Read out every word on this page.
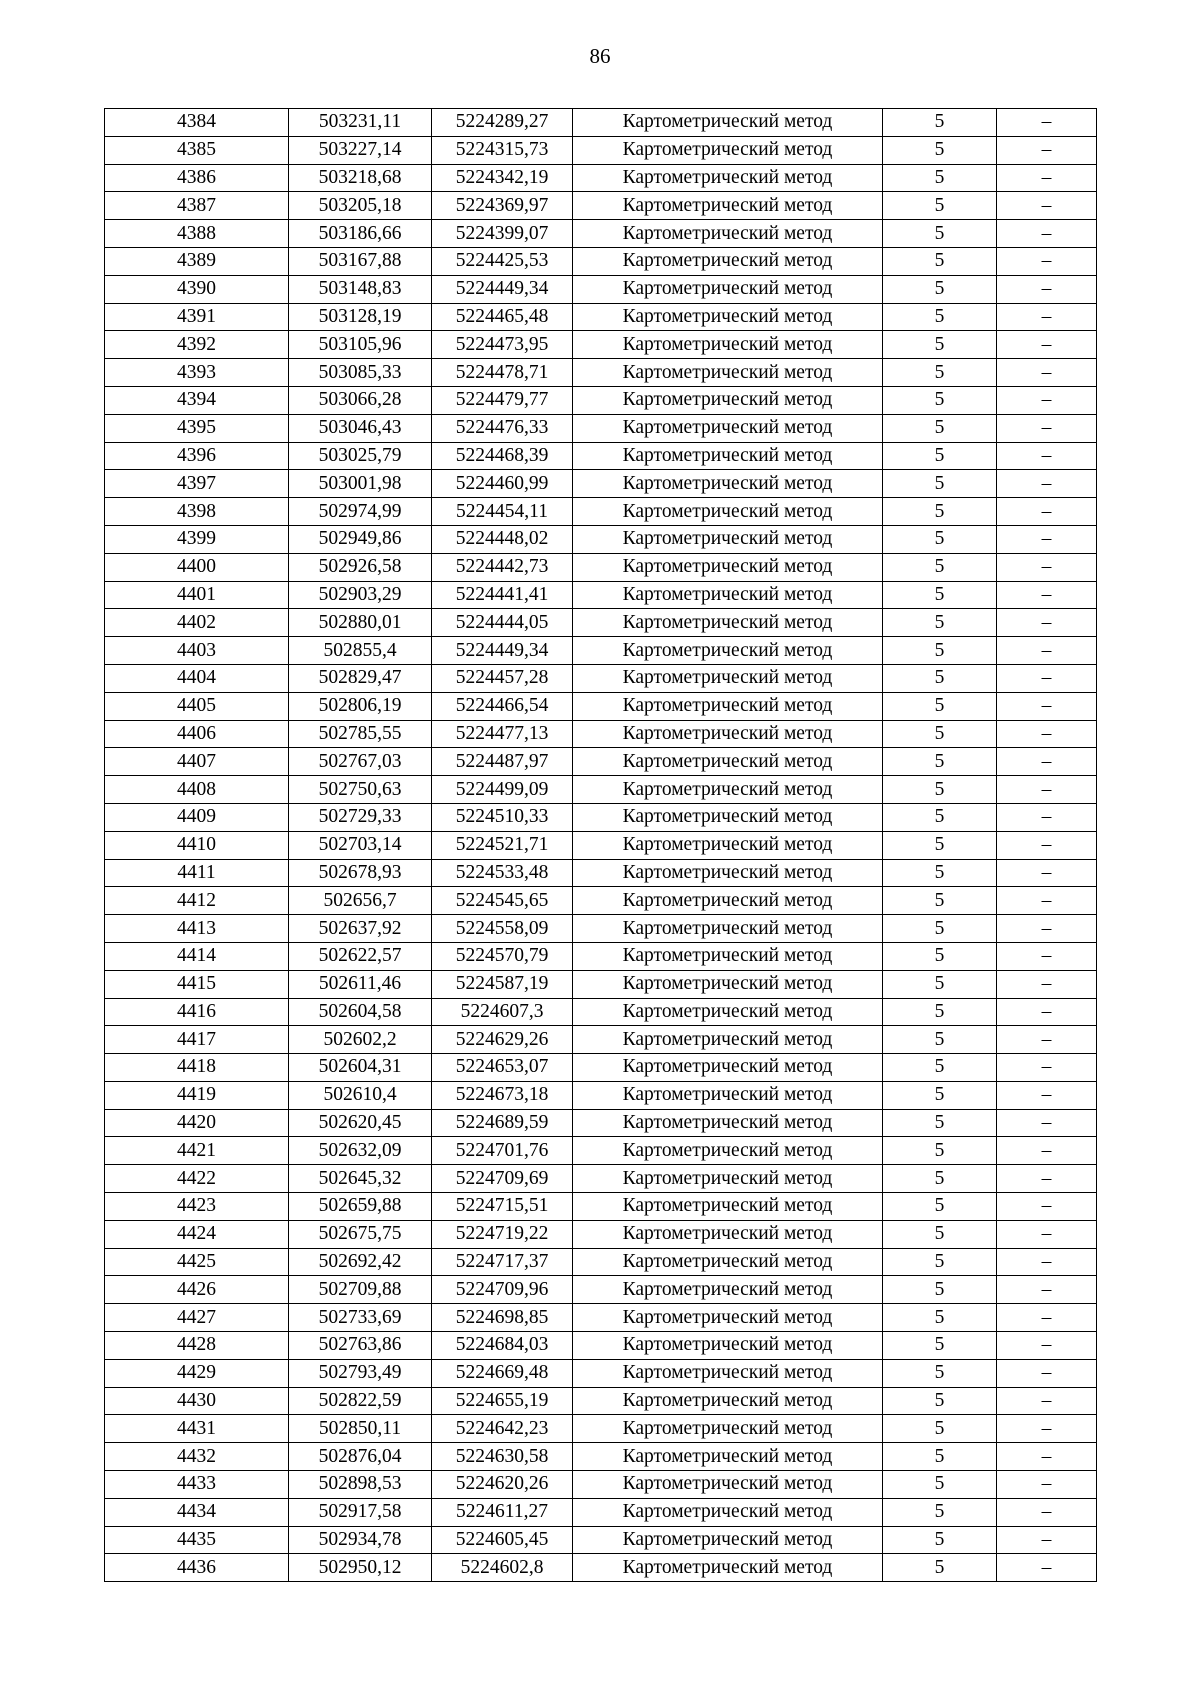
86
4384	503231,11	5224289,27	Картометрический метод	5	–
4385	503227,14	5224315,73	Картометрический метод	5	–
4386	503218,68	5224342,19	Картометрический метод	5	–
4387	503205,18	5224369,97	Картометрический метод	5	–
4388	503186,66	5224399,07	Картометрический метод	5	–
4389	503167,88	5224425,53	Картометрический метод	5	–
4390	503148,83	5224449,34	Картометрический метод	5	–
4391	503128,19	5224465,48	Картометрический метод	5	–
4392	503105,96	5224473,95	Картометрический метод	5	–
4393	503085,33	5224478,71	Картометрический метод	5	–
4394	503066,28	5224479,77	Картометрический метод	5	–
4395	503046,43	5224476,33	Картометрический метод	5	–
4396	503025,79	5224468,39	Картометрический метод	5	–
4397	503001,98	5224460,99	Картометрический метод	5	–
4398	502974,99	5224454,11	Картометрический метод	5	–
4399	502949,86	5224448,02	Картометрический метод	5	–
4400	502926,58	5224442,73	Картометрический метод	5	–
4401	502903,29	5224441,41	Картометрический метод	5	–
4402	502880,01	5224444,05	Картометрический метод	5	–
4403	502855,4	5224449,34	Картометрический метод	5	–
4404	502829,47	5224457,28	Картометрический метод	5	–
4405	502806,19	5224466,54	Картометрический метод	5	–
4406	502785,55	5224477,13	Картометрический метод	5	–
4407	502767,03	5224487,97	Картометрический метод	5	–
4408	502750,63	5224499,09	Картометрический метод	5	–
4409	502729,33	5224510,33	Картометрический метод	5	–
4410	502703,14	5224521,71	Картометрический метод	5	–
4411	502678,93	5224533,48	Картометрический метод	5	–
4412	502656,7	5224545,65	Картометрический метод	5	–
4413	502637,92	5224558,09	Картометрический метод	5	–
4414	502622,57	5224570,79	Картометрический метод	5	–
4415	502611,46	5224587,19	Картометрический метод	5	–
4416	502604,58	5224607,3	Картометрический метод	5	–
4417	502602,2	5224629,26	Картометрический метод	5	–
4418	502604,31	5224653,07	Картометрический метод	5	–
4419	502610,4	5224673,18	Картометрический метод	5	–
4420	502620,45	5224689,59	Картометрический метод	5	–
4421	502632,09	5224701,76	Картометрический метод	5	–
4422	502645,32	5224709,69	Картометрический метод	5	–
4423	502659,88	5224715,51	Картометрический метод	5	–
4424	502675,75	5224719,22	Картометрический метод	5	–
4425	502692,42	5224717,37	Картометрический метод	5	–
4426	502709,88	5224709,96	Картометрический метод	5	–
4427	502733,69	5224698,85	Картометрический метод	5	–
4428	502763,86	5224684,03	Картометрический метод	5	–
4429	502793,49	5224669,48	Картометрический метод	5	–
4430	502822,59	5224655,19	Картометрический метод	5	–
4431	502850,11	5224642,23	Картометрический метод	5	–
4432	502876,04	5224630,58	Картометрический метод	5	–
4433	502898,53	5224620,26	Картометрический метод	5	–
4434	502917,58	5224611,27	Картометрический метод	5	–
4435	502934,78	5224605,45	Картометрический метод	5	–
4436	502950,12	5224602,8	Картометрический метод	5	–
